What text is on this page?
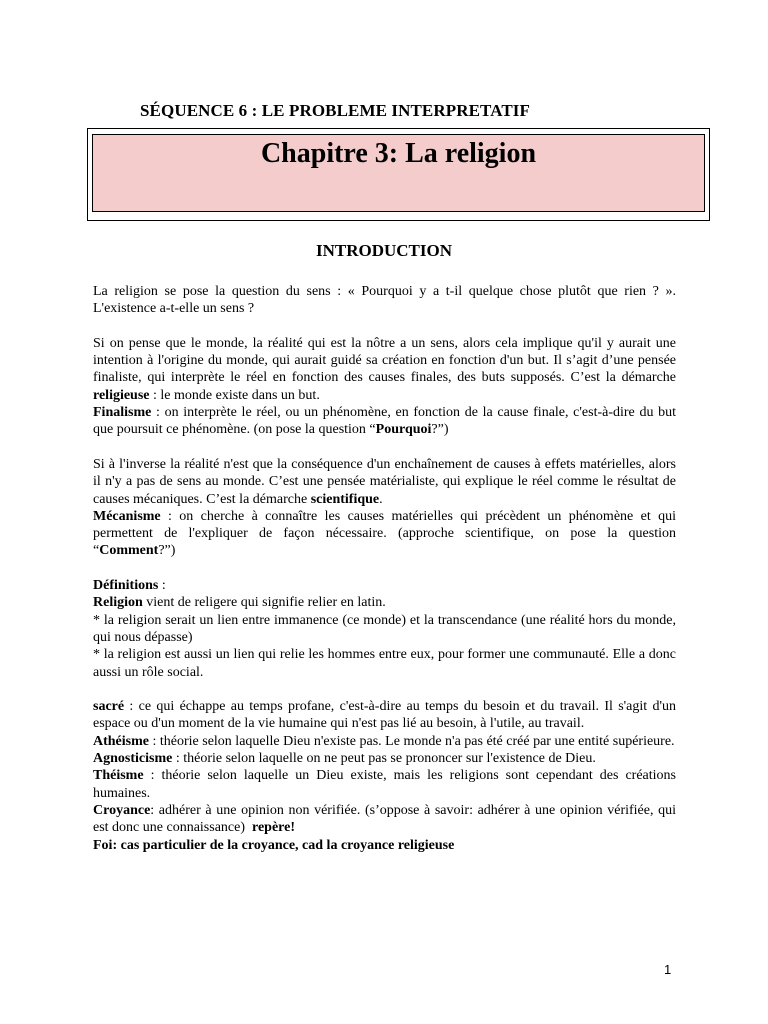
SÉQUENCE 6 : LE PROBLEME INTERPRETATIF
Chapitre 3: La religion
INTRODUCTION

La religion se pose la question du sens : « Pourquoi y a t-il quelque chose plutôt que rien ? ». L'existence a-t-elle un sens ?

Si on pense que le monde, la réalité qui est la nôtre a un sens, alors cela implique qu'il y aurait une intention à l'origine du monde, qui aurait guidé sa création en fonction d'un but. Il s’agit d’une pensée finaliste, qui interprète le réel en fonction des causes finales, des buts supposés. C’est la démarche religieuse : le monde existe dans un but.

Finalisme : on interprète le réel, ou un phénomène, en fonction de la cause finale, c'est-à-dire du but que poursuit ce phénomène. (on pose la question “Pourquoi?”)

Si à l'inverse la réalité n'est que la conséquence d'un enchaînement de causes à effets matérielles, alors il n'y a pas de sens au monde. C’est une pensée matérialiste, qui explique le réel comme le résultat de causes mécaniques. C’est la démarche scientifique.

Mécanisme : on cherche à connaître les causes matérielles qui précèdent un phénomène et qui permettent de l'expliquer de façon nécessaire. (approche scientifique, on pose la question “Comment?”)

Définitions :

Religion vient de religere qui signifie relier en latin.

* la religion serait un lien entre immanence (ce monde) et la transcendance (une réalité hors du monde, qui nous dépasse)

* la religion est aussi un lien qui relie les hommes entre eux, pour former une communauté. Elle a donc aussi un rôle social.

sacré : ce qui échappe au temps profane, c'est-à-dire au temps du besoin et du travail. Il s'agit d'un espace ou d'un moment de la vie humaine qui n'est pas lié au besoin, à l'utile, au travail.

Athéisme : théorie selon laquelle Dieu n'existe pas. Le monde n'a pas été créé par une entité supérieure.

Agnosticisme : théorie selon laquelle on ne peut pas se prononcer sur l'existence de Dieu.

Théisme : théorie selon laquelle un Dieu existe, mais les religions sont cependant des créations humaines.

Croyance: adhérer à une opinion non vérifiée. (s’oppose à savoir: adhérer à une opinion vérifiée, qui est donc une connaissance) repère!

Foi: cas particulier de la croyance, cad la croyance religieuse

1
